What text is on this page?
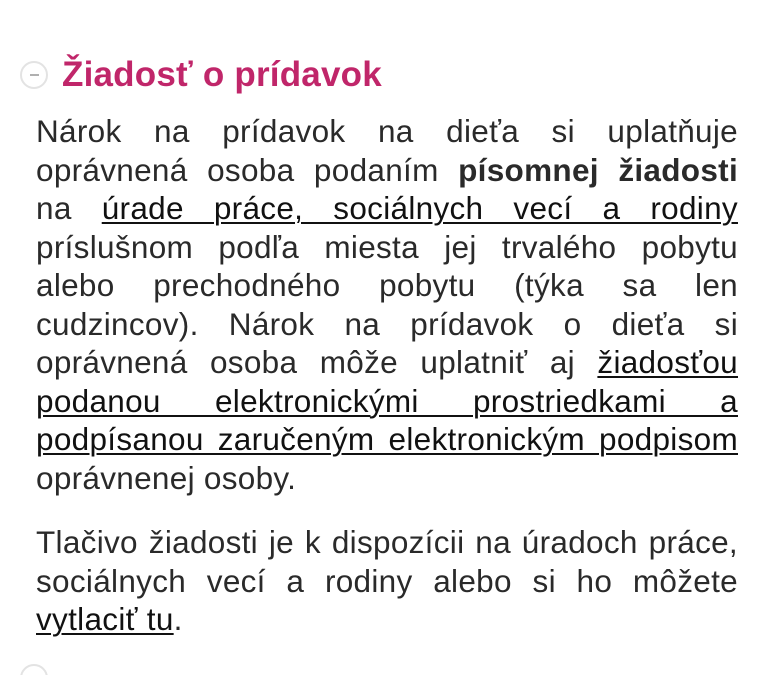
Žiadosť o prídavok

Nárok na prídavok na dieťa si uplatňuje oprávnená osoba podaním písomnej žiadosti na úrade práce, sociálnych vecí a rodiny príslušnom podľa miesta jej trvalého pobytu alebo prechodného pobytu (týka sa len cudzincov). Nárok na prídavok o dieťa si oprávnená osoba môže uplatniť aj žiadosťou podanou elektronickými prostriedkami a podpísanou zaručeným elektronickým podpisom oprávnenej osoby.

Tlačivo žiadosti je k dispozícii na úradoch práce, sociálnych vecí a rodiny alebo si ho môžete vytlaciť tu.
